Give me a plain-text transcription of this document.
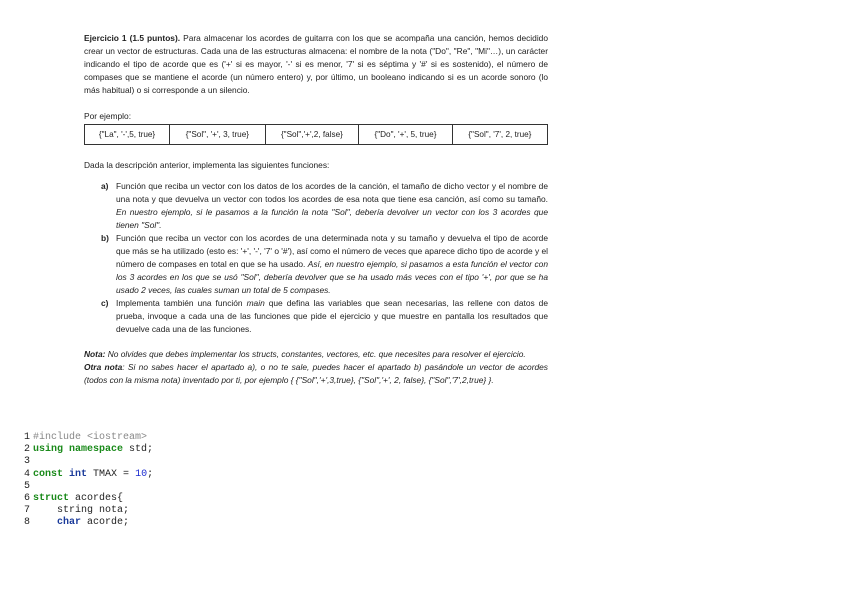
Ejercicio 1 (1.5 puntos). Para almacenar los acordes de guitarra con los que se acompaña una canción, hemos decidido crear un vector de estructuras. Cada una de las estructuras almacena: el nombre de la nota ("Do", "Re", "Mi"…), un carácter indicando el tipo de acorde que es ('+' si es mayor, '-' si es menor, '7' si es séptima y '#' si es sostenido), el número de compases que se mantiene el acorde (un número entero) y, por último, un booleano indicando si es un acorde sonoro (lo más habitual) o si corresponde a un silencio.

Por ejemplo:
{"La", '-',5, true}	{"Sol", '+', 3, true}	{"Sol",'+',2, false}	{"Do", '+', 5, true}	{"Sol", '7', 2, true}
Dada la descripción anterior, implementa las siguientes funciones:
a) Función que reciba un vector con los datos de los acordes de la canción, el tamaño de dicho vector y el nombre de una nota y que devuelva un vector con todos los acordes de esa nota que tiene esa canción, así como su tamaño. En nuestro ejemplo, si le pasamos a la función la nota "Sol", debería devolver un vector con los 3 acordes que tienen "Sol".
b) Función que reciba un vector con los acordes de una determinada nota y su tamaño y devuelva el tipo de acorde que más se ha utilizado (esto es: '+', '-', '7' o '#'), así como el número de veces que aparece dicho tipo de acorde y el número de compases en total en que se ha usado. Así, en nuestro ejemplo, si pasamos a esta función el vector con los 3 acordes en los que se usó "Sol", debería devolver que se ha usado más veces con el tipo '+', por que se ha usado 2 veces, las cuales suman un total de 5 compases.
c) Implementa también una función main que defina las variables que sean necesarias, las rellene con datos de prueba, invoque a cada una de las funciones que pide el ejercicio y que muestre en pantalla los resultados que devuelve cada una de las funciones.
Nota: No olvides que debes implementar los structs, constantes, vectores, etc. que necesites para resolver el ejercicio.
Otra nota: Si no sabes hacer el apartado a), o no te sale, puedes hacer el apartado b) pasándole un vector de acordes (todos con la misma nota) inventado por ti, por ejemplo { {"Sol",'+',3,true}, {"Sol",'+', 2, false}, {"Sol",'7',2,true} }.
1 #include <iostream>
2 using namespace std;
3
4 const int TMAX = 10;
5
6 struct acordes{
7    string nota;
8	char acorde;
